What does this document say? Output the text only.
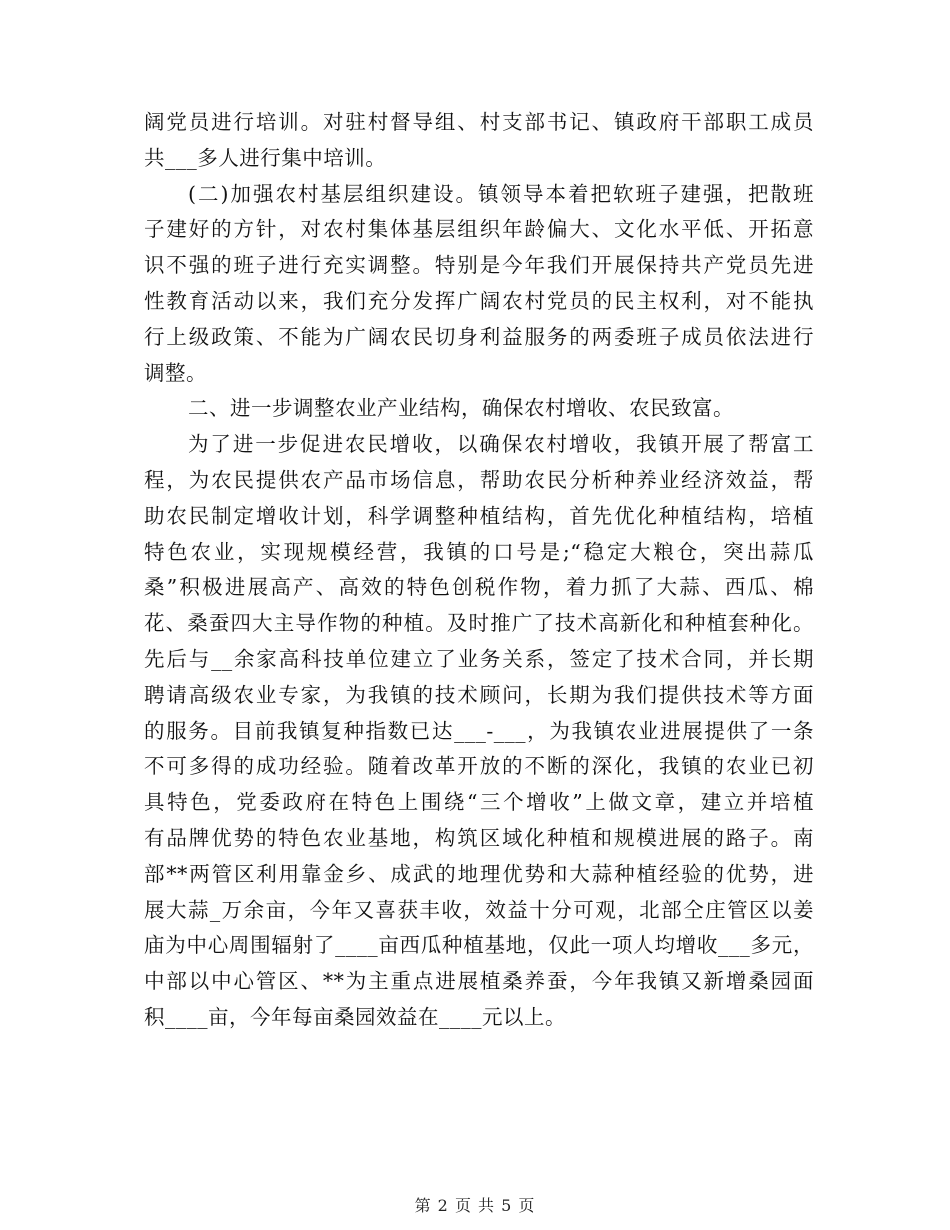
阔党员进行培训。对驻村督导组、村支部书记、镇政府干部职工成员
共___多人进行集中培训。
(二)加强农村基层组织建设。镇领导本着把软班子建强，把散班
子建好的方针，对农村集体基层组织年龄偏大、文化水平低、开拓意
识不强的班子进行充实调整。特别是今年我们开展保持共产党员先进
性教育活动以来，我们充分发挥广阔农村党员的民主权利，对不能执
行上级政策、不能为广阔农民切身利益服务的两委班子成员依法进行
调整。
二、进一步调整农业产业结构，确保农村增收、农民致富。
为了进一步促进农民增收，以确保农村增收，我镇开展了帮富工
程，为农民提供农产品市场信息，帮助农民分析种养业经济效益，帮
助农民制定增收计划，科学调整种植结构，首先优化种植结构，培植
特色农业，实现规模经营，我镇的口号是;“稳定大粮仓，突出蒜瓜
桑”积极进展高产、高效的特色创税作物，着力抓了大蒜、西瓜、棉
花、桑蚕四大主导作物的种植。及时推广了技术高新化和种植套种化。
先后与__余家高科技单位建立了业务关系，签定了技术合同，并长期
聘请高级农业专家，为我镇的技术顾问，长期为我们提供技术等方面
的服务。目前我镇复种指数已达___-___，为我镇农业进展提供了一条
不可多得的成功经验。随着改革开放的不断的深化，我镇的农业已初
具特色，党委政府在特色上围绕“三个增收”上做文章，建立并培植
有品牌优势的特色农业基地，构筑区域化种植和规模进展的路子。南
部**两管区利用靠金乡、成武的地理优势和大蒜种植经验的优势，进
展大蒜_万余亩，今年又喜获丰收，效益十分可观，北部仝庄管区以姜
庙为中心周围辐射了____亩西瓜种植基地，仅此一项人均增收___多元，
中部以中心管区、**为主重点进展植桑养蚕，今年我镇又新增桑园面
积____亩，今年每亩桑园效益在____元以上。
第 2 页 共 5 页
